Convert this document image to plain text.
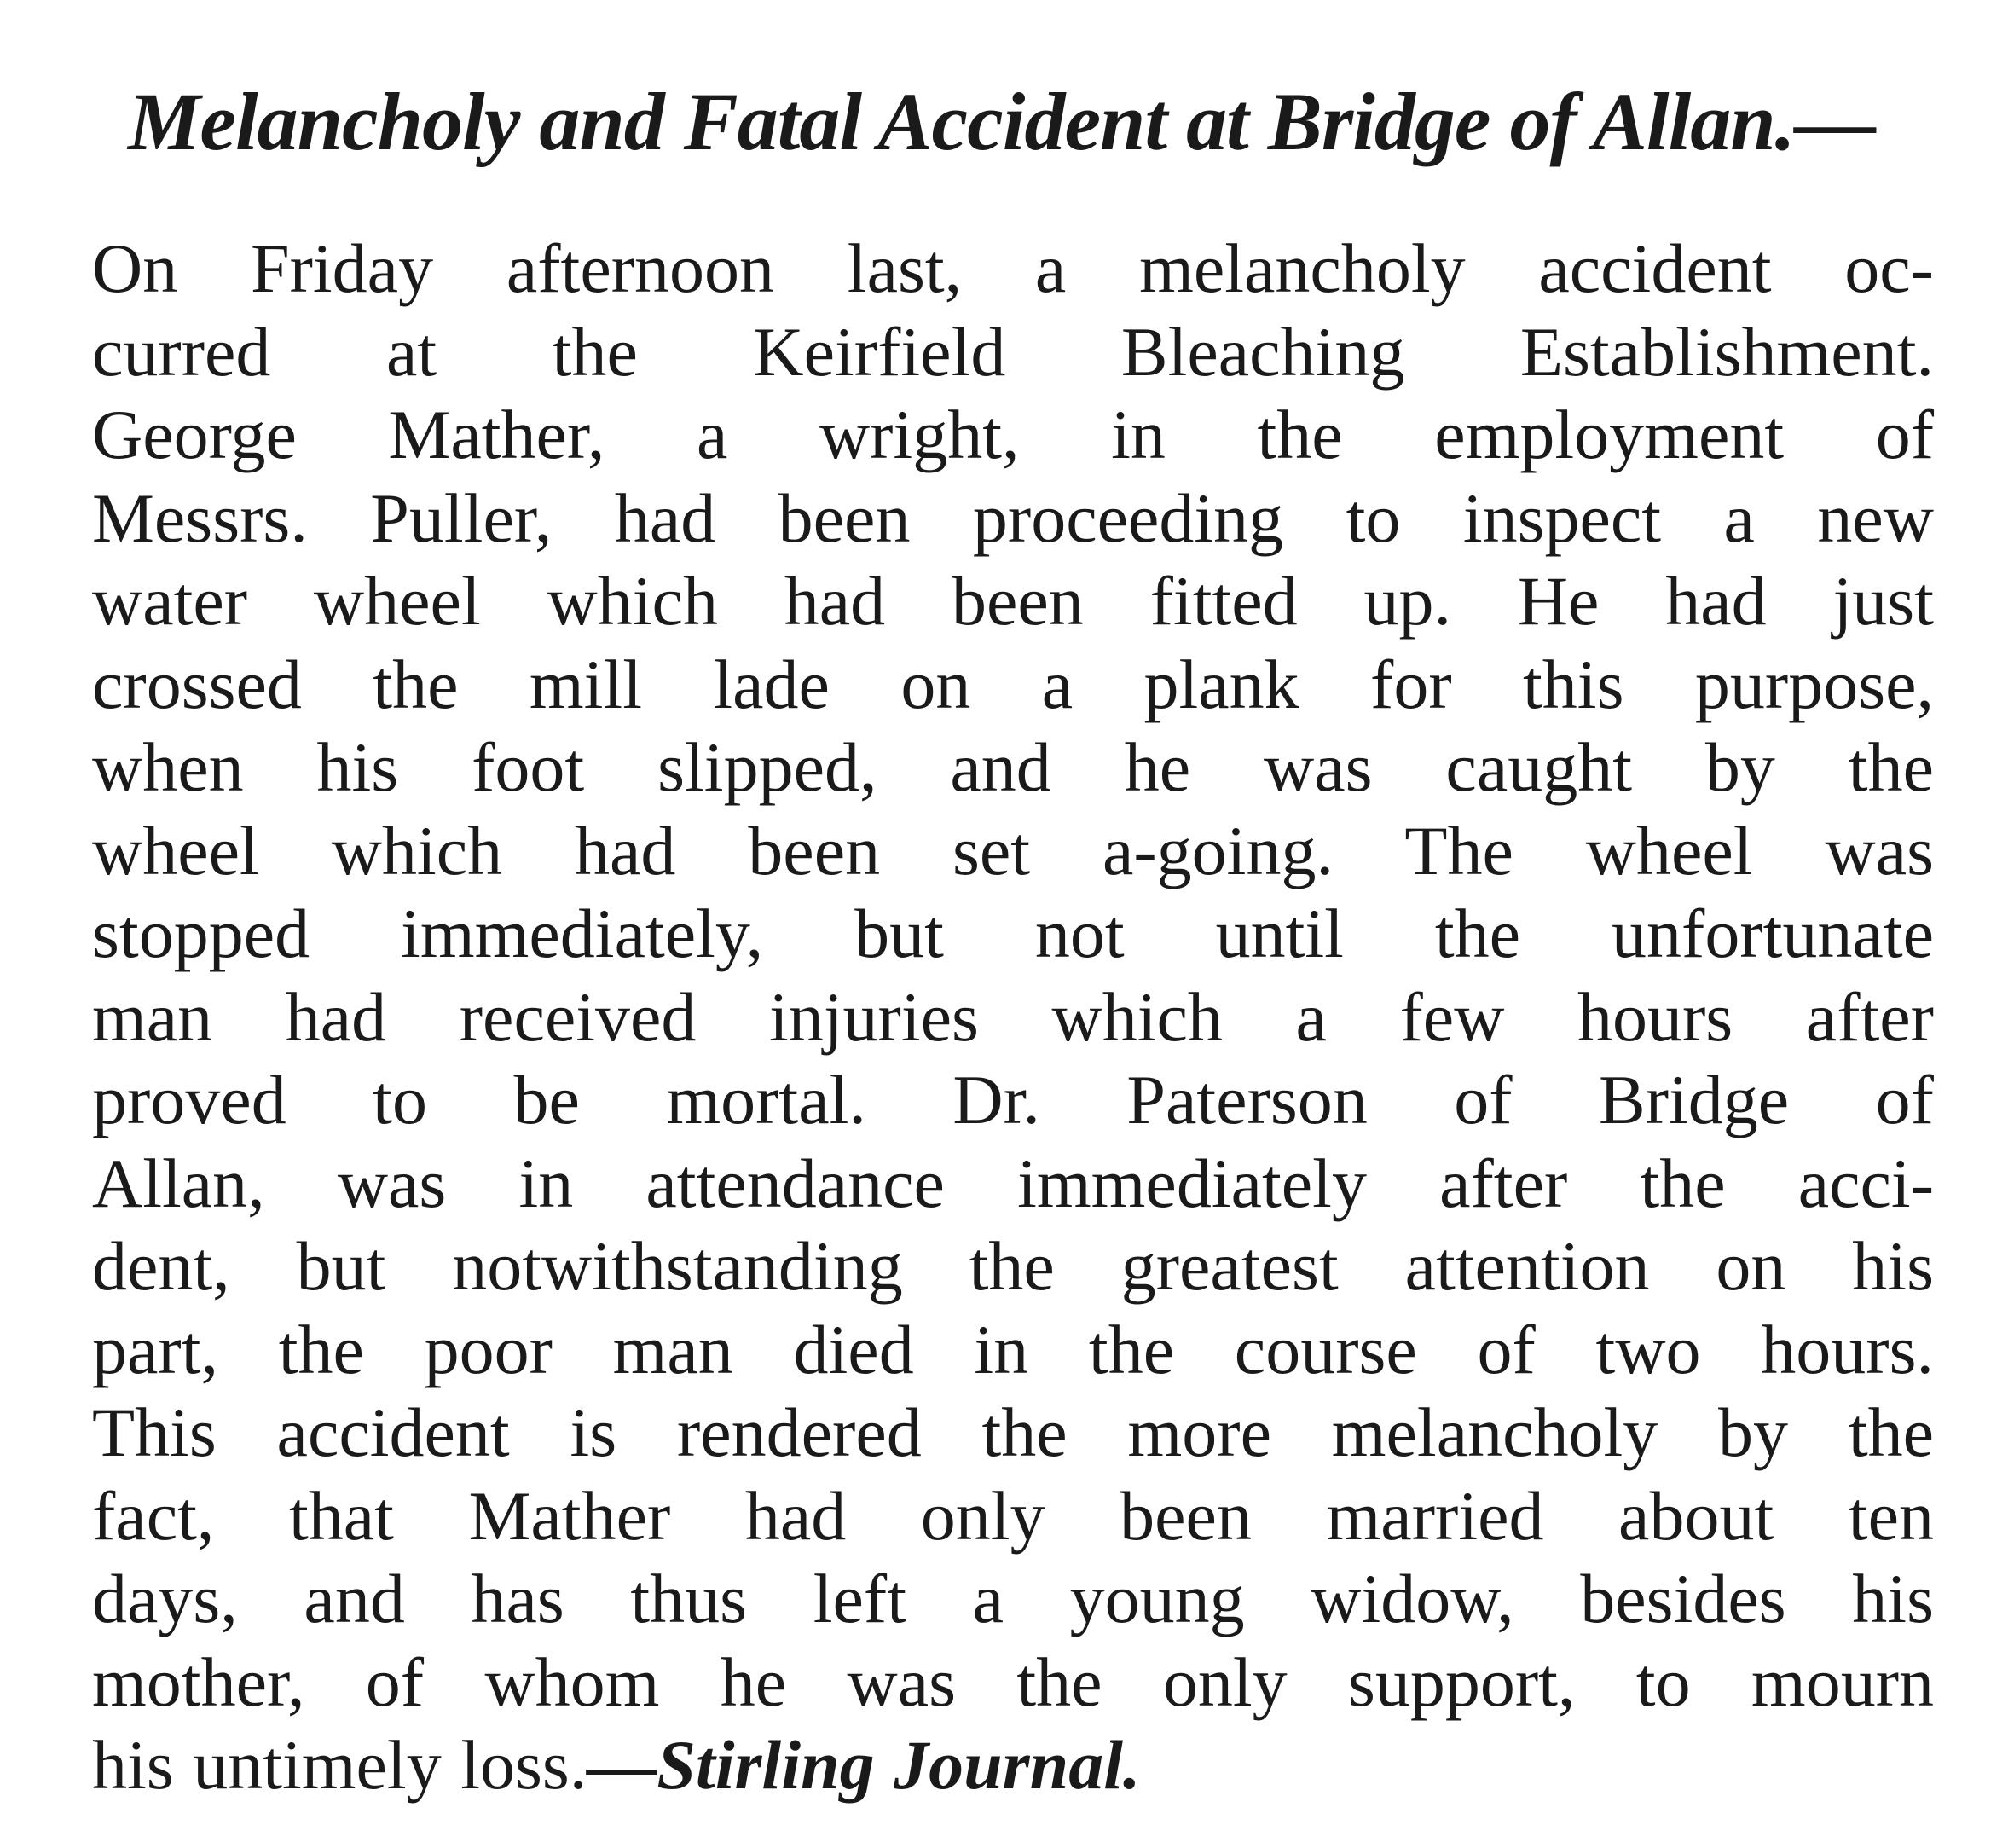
Melancholy and Fatal Accident at Bridge of Allan.—
On Friday afternoon last, a melancholy accident oc-
curred at the Keirfield Bleaching Establishment.
George Mather, a wright, in the employment of
Messrs. Puller, had been proceeding to inspect a new
water wheel which had been fitted up. He had just
crossed the mill lade on a plank for this purpose,
when his foot slipped, and he was caught by the
wheel which had been set a-going. The wheel was
stopped immediately, but not until the unfortunate
man had received injuries which a few hours after
proved to be mortal. Dr. Paterson of Bridge of
Allan, was in attendance immediately after the acci-
dent, but notwithstanding the greatest attention on his
part, the poor man died in the course of two hours.
This accident is rendered the more melancholy by the
fact, that Mather had only been married about ten
days, and has thus left a young widow, besides his
mother, of whom he was the only support, to mourn
his untimely loss.—Stirling Journal.
